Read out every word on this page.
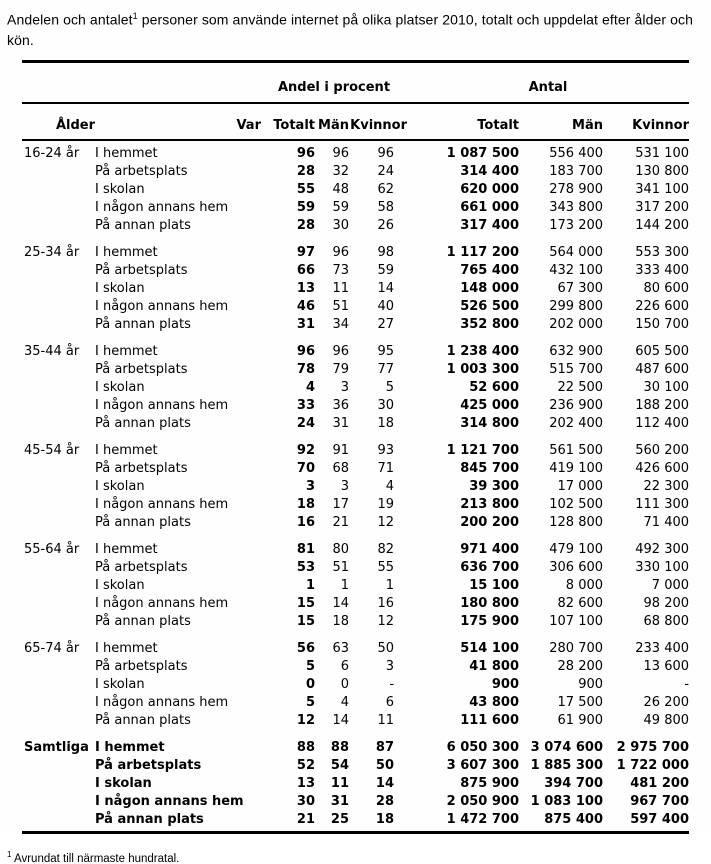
Andelen och antalet$^1$ personer som använde internet på olika platser 2010, totalt och uppdelat efter ålder och kön.

		Andel i procent			Antal		
Ålder	Var	Totalt	Män	Kvinnor	Totalt	Män	Kvinnor
16-24 år	I hemmet	96	96	96	1 087 500	556 400	531 100
	På arbetsplats	28	32	24	314 400	183 700	130 800
	I skolan	55	48	62	620 000	278 900	341 100
	I någon annans hem	59	59	58	661 000	343 800	317 200
	På annan plats	28	30	26	317 400	173 200	144 200
25-34 år	I hemmet	97	96	98	1 117 200	564 000	553 300
	På arbetsplats	66	73	59	765 400	432 100	333 400
	I skolan	13	11	14	148 000	67 300	80 600
	I någon annans hem	46	51	40	526 500	299 800	226 600
	På annan plats	31	34	27	352 800	202 000	150 700
35-44 år	I hemmet	96	96	95	1 238 400	632 900	605 500
	På arbetsplats	78	79	77	1 003 300	515 700	487 600
	I skolan	4	3	5	52 600	22 500	30 100
	I någon annans hem	33	36	30	425 000	236 900	188 200
	På annan plats	24	31	18	314 800	202 400	112 400
45-54 år	I hemmet	92	91	93	1 121 700	561 500	560 200
	På arbetsplats	70	68	71	845 700	419 100	426 600
	I skolan	3	3	4	39 300	17 000	22 300
	I någon annans hem	18	17	19	213 800	102 500	111 300
	På annan plats	16	21	12	200 200	128 800	71 400
55-64 år	I hemmet	81	80	82	971 400	479 100	492 300
	På arbetsplats	53	51	55	636 700	306 600	330 100
	I skolan	1	1	1	15 100	8 000	7 000
	I någon annans hem	15	14	16	180 800	82 600	98 200
	På annan plats	15	18	12	175 900	107 100	68 800
65-74 år	I hemmet	56	63	50	514 100	280 700	233 400
	På arbetsplats	5	6	3	41 800	28 200	13 600
	I skolan	0	0	-	900	900	-
	I någon annans hem	5	4	6	43 800	17 500	26 200
	På annan plats	12	14	11	111 600	61 900	49 800
Samtliga	I hemmet	88	88	87	6 050 300	3 074 600	2 975 700
	På arbetsplats	52	54	50	3 607 300	1 885 300	1 722 000
	I skolan	13	11	14	875 900	394 700	481 200
	I någon annans hem	30	31	28	2 050 900	1 083 100	967 700
	På annan plats	21	25	18	1 472 700	875 400	597 400

$^1$ Avrundat till närmaste hundratal.
